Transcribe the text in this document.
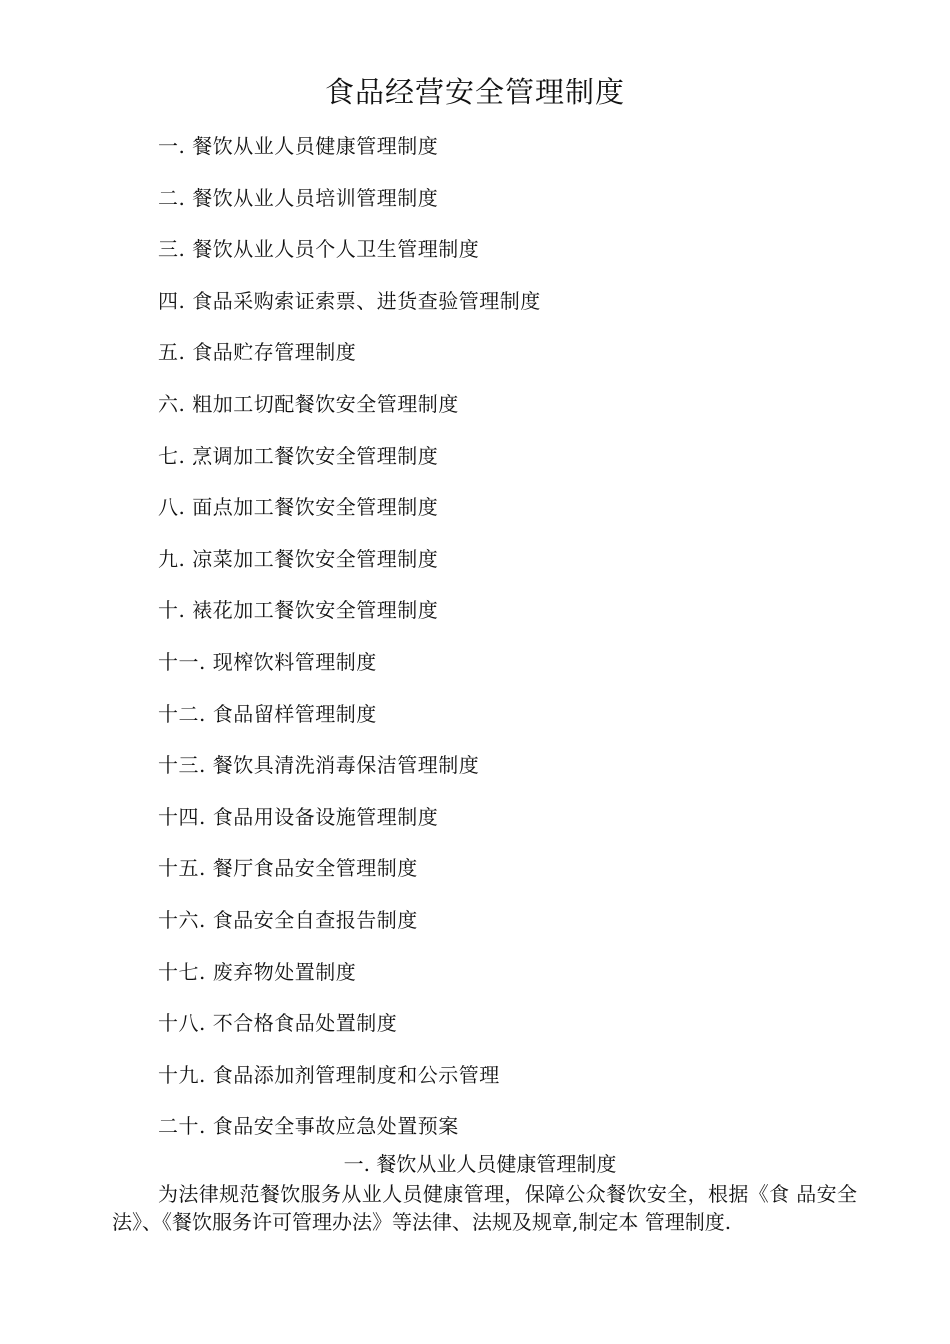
食品经营安全管理制度
一. 餐饮从业人员健康管理制度
二. 餐饮从业人员培训管理制度
三. 餐饮从业人员个人卫生管理制度
四. 食品采购索证索票、进货查验管理制度
五. 食品贮存管理制度
六. 粗加工切配餐饮安全管理制度
七. 烹调加工餐饮安全管理制度
八. 面点加工餐饮安全管理制度
九. 凉菜加工餐饮安全管理制度
十. 裱花加工餐饮安全管理制度
十一. 现榨饮料管理制度
十二. 食品留样管理制度
十三. 餐饮具清洗消毒保洁管理制度
十四. 食品用设备设施管理制度
十五. 餐厅食品安全管理制度
十六. 食品安全自查报告制度
十七. 废弃物处置制度
十八. 不合格食品处置制度
十九. 食品添加剂管理制度和公示管理
二十. 食品安全事故应急处置预案
一. 餐饮从业人员健康管理制度

为法律规范餐饮服务从业人员健康管理，保障公众餐饮安全，根据《食 品安全法》、《餐饮服务许可管理办法》等法律、法规及规章,制定本 管理制度.
